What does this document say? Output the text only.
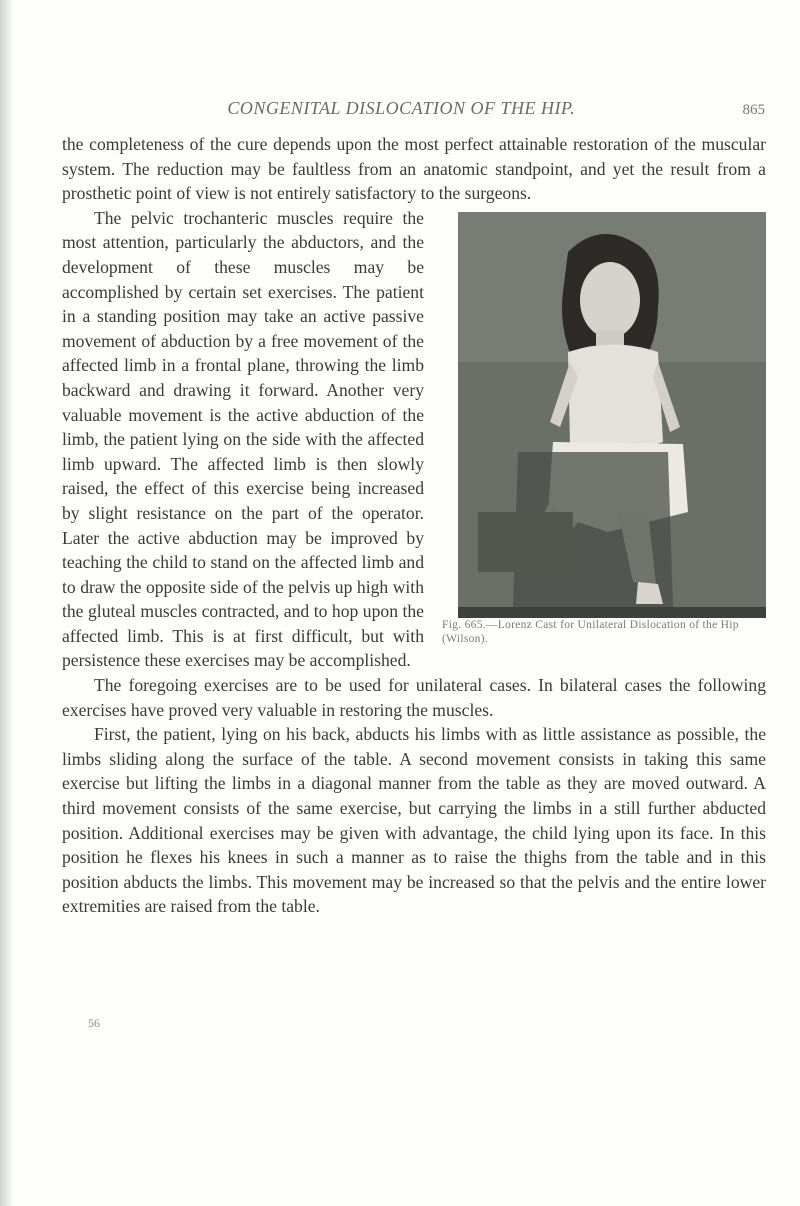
CONGENITAL DISLOCATION OF THE HIP.	865

the completeness of the cure depends upon the most perfect attainable restoration of the muscular system. The reduction may be faultless from an anatomic standpoint, and yet the result from a prosthetic point of view is not entirely satisfactory to the surgeons.

Fig. 665.—Lorenz Cast for Unilateral Dislocation of the Hip (Wilson).

The pelvic trochanteric muscles require the most attention, particularly the abductors, and the development of these muscles may be accomplished by certain set exercises. The patient in a standing position may take an active passive movement of abduction by a free movement of the affected limb in a frontal plane, throwing the limb backward and drawing it forward. Another very valuable movement is the active abduction of the limb, the patient lying on the side with the affected limb upward. The affected limb is then slowly raised, the effect of this exercise being increased by slight resistance on the part of the operator. Later the active abduction may be improved by teaching the child to stand on the affected limb and to draw the opposite side of the pelvis up high with the gluteal muscles contracted, and to hop upon the affected limb. This is at first difficult, but with persistence these exercises may be accomplished.

The foregoing exercises are to be used for unilateral cases. In bilateral cases the following exercises have proved very valuable in restoring the muscles.

First, the patient, lying on his back, abducts his limbs with as little assistance as possible, the limbs sliding along the surface of the table. A second movement consists in taking this same exercise but lifting the limbs in a diagonal manner from the table as they are moved outward. A third movement consists of the same exercise, but carrying the limbs in a still further abducted position. Additional exercises may be given with advantage, the child lying upon its face. In this position he flexes his knees in such a manner as to raise the thighs from the table and in this position abducts the limbs. This movement may be increased so that the pelvis and the entire lower extremities are raised from the table.

56
